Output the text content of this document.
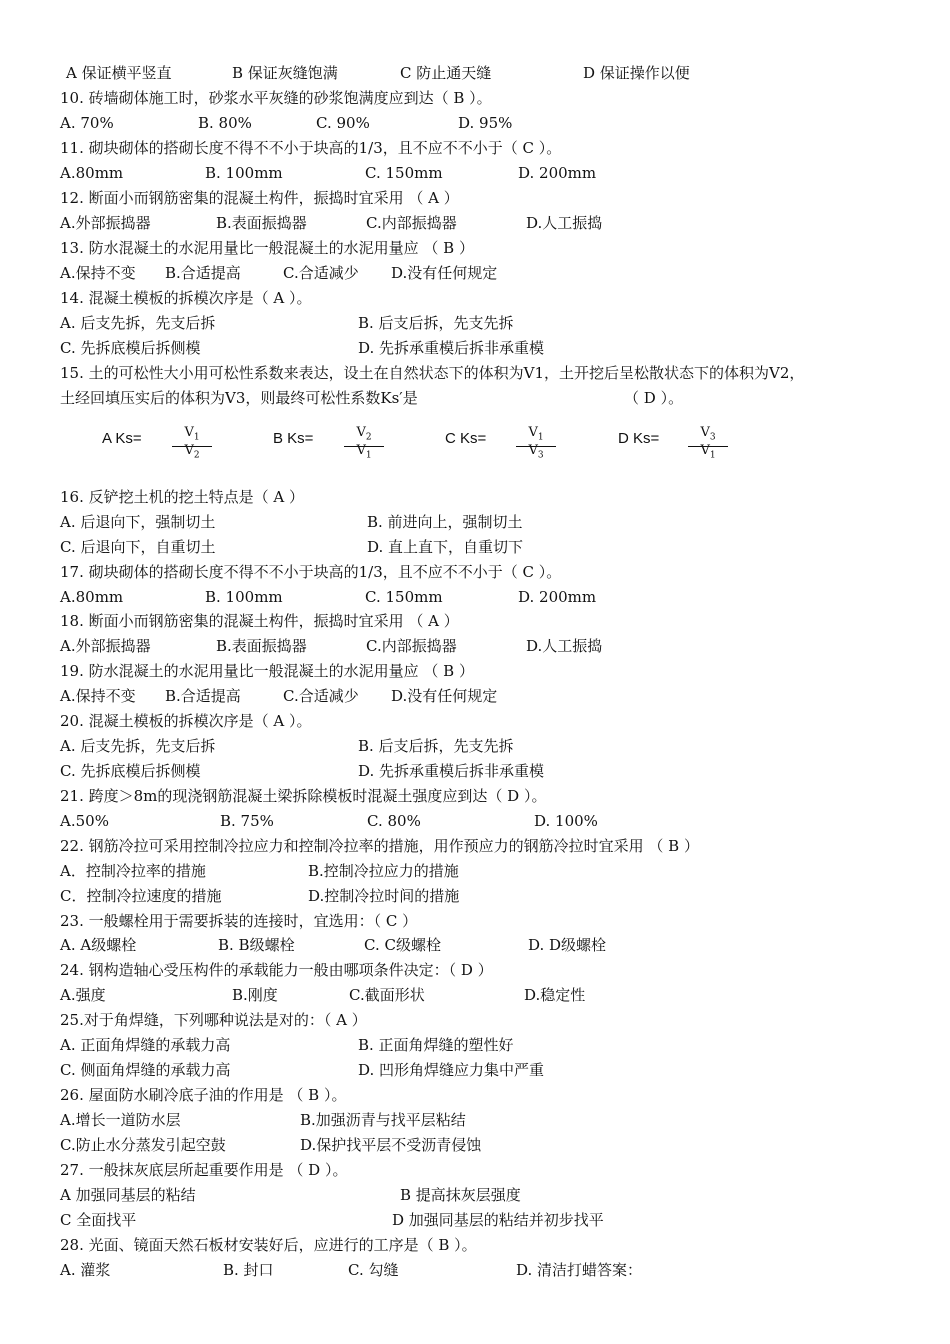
A 保证横平竖直	B 保证灰缝饱满	C 防止通天缝	D 保证操作以便
10. 砖墙砌体施工时，砂浆水平灰缝的砂浆饱满度应到达（ B ）。
A. 70%	B. 80%	C. 90%	D. 95%
11. 砌块砌体的搭砌长度不得不不小于块高的1/3，且不应不不小于（ C ）。
A.80mm	B. 100mm	C. 150mm	D. 200mm
12. 断面小而钢筋密集的混凝土构件，振捣时宜采用 （ A ）
A.外部振捣器	B.表面振捣器	C.内部振捣器	D.人工振捣
13. 防水混凝土的水泥用量比一般混凝土的水泥用量应 （ B ）
A.保持不变 B.合适提高	C.合适减少 D.没有任何规定
14. 混凝土模板的拆模次序是（ A ）。
A. 后支先拆，先支后拆	B. 后支后拆，先支先拆
C. 先拆底模后拆侧模	D. 先拆承重模后拆非承重模
15. 土的可松性大小用可松性系数来表达，设土在自然状态下的体积为V1，土开挖后呈松散状态下的体积为V2，
土经回填压实后的体积为V3，则最终可松性系数Ks′是	（ D ）。
A Ks=	$V_1$
$V_2$
B Ks=	$V_2$
$V_1$
C Ks=	$V_1$
$V_3$
D Ks=	$V_3$
$V_1$
16. 反铲挖土机的挖土特点是（ A ）
A. 后退向下，强制切土	B. 前进向上，强制切土
C. 后退向下，自重切土	D. 直上直下，自重切下
17. 砌块砌体的搭砌长度不得不不小于块高的1/3，且不应不不小于（ C ）。
A.80mm	B. 100mm	C. 150mm	D. 200mm
18. 断面小而钢筋密集的混凝土构件，振捣时宜采用 （ A ）
A.外部振捣器	B.表面振捣器	C.内部振捣器	D.人工振捣
19. 防水混凝土的水泥用量比一般混凝土的水泥用量应 （ B ）
A.保持不变 B.合适提高	C.合适减少 D.没有任何规定
20. 混凝土模板的拆模次序是（ A ）。
A. 后支先拆，先支后拆	B. 后支后拆，先支先拆
C. 先拆底模后拆侧模	D. 先拆承重模后拆非承重模
21. 跨度＞8m的现浇钢筋混凝土梁拆除模板时混凝土强度应到达（ D ）。
A.50%	B. 75%	C. 80%	D. 100%
22. 钢筋冷拉可采用控制冷拉应力和控制冷拉率的措施，用作预应力的钢筋冷拉时宜采用 （ B ）
A．控制冷拉率的措施	B.控制冷拉应力的措施
C．控制冷拉速度的措施	D.控制冷拉时间的措施
23. 一般螺栓用于需要拆装的连接时，宜选用：（ C ）
A. A级螺栓	B. B级螺栓	C. C级螺栓	D. D级螺栓
24. 钢构造轴心受压构件的承载能力一般由哪项条件决定：（ D ）
A.强度	B.刚度	C.截面形状	D.稳定性
25.对于角焊缝，下列哪种说法是对的：（ A ）
A. 正面角焊缝的承载力高	B. 正面角焊缝的塑性好
C. 侧面角焊缝的承载力高	D. 凹形角焊缝应力集中严重
26. 屋面防水刷冷底子油的作用是 （ B ）。
A.增长一道防水层	B.加强沥青与找平层粘结
C.防止水分蒸发引起空鼓	D.保护找平层不受沥青侵蚀
27. 一般抹灰底层所起重要作用是 （ D ）。
A 加强同基层的粘结	B 提高抹灰层强度
C 全面找平	D 加强同基层的粘结并初步找平
28. 光面、镜面天然石板材安装好后，应进行的工序是（ B ）。
A. 灌浆	B. 封口	C. 勾缝	D. 清洁打蜡答案：
